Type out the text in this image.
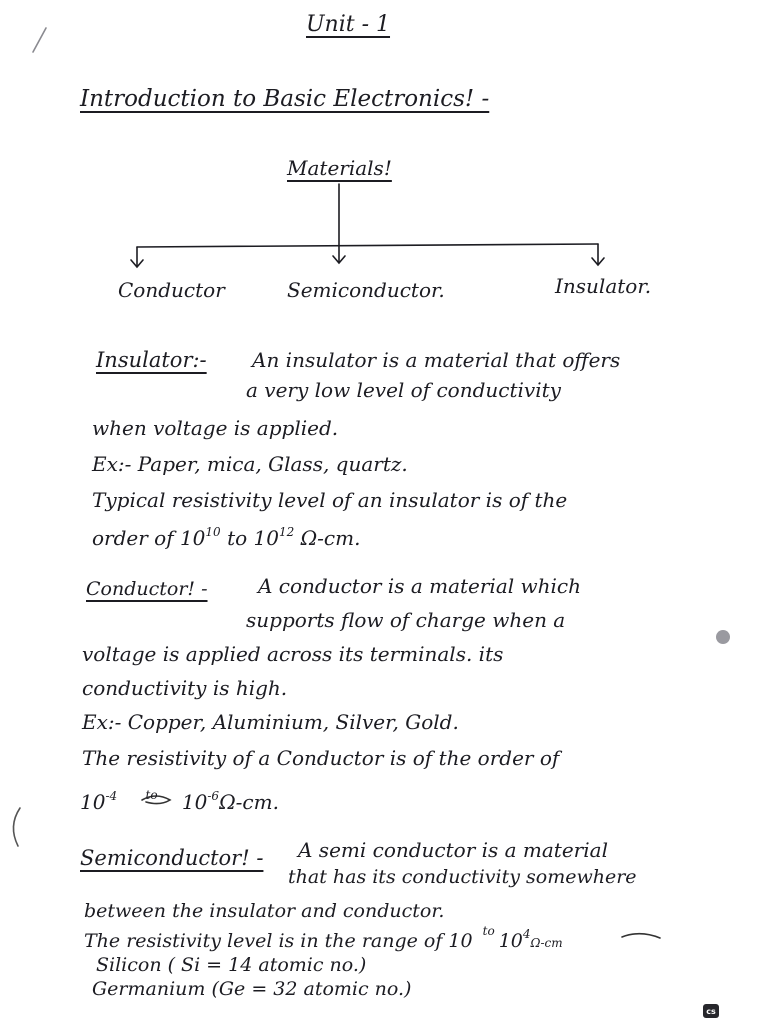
Unit - 1
Introduction to Basic Electronics! -
Materials!
Conductor	Semiconductor.	Insulator.
Insulator:- An insulator is a material that offers
a very low level of conductivity
when voltage is applied.
Ex:- Paper, mica, Glass, quartz.
Typical resistivity level of an insulator is of the
order of $10^{10}$ to $10^{12}$ Ω-cm.
Conductor! -	A conductor is a material which
supports flow of charge when a
voltage is applied across its terminals. its
conductivity is high.
Ex:- Copper, Aluminium, Silver, Gold.
The resistivity of a Conductor is of the order of
$10^{-4}$ $^{to}$ $10^{-6}\Omega-cm$.
Semiconductor! - A semi conductor is a material
that has its conductivity somewhere
between the insulator and conductor.
The resistivity level is in the range of 10 $^{to}$ $10^4\Omega-cm$
Silicon ( Si = 14 atomic no.)
Germanium (Ge = 32 atomic no.)
cs
